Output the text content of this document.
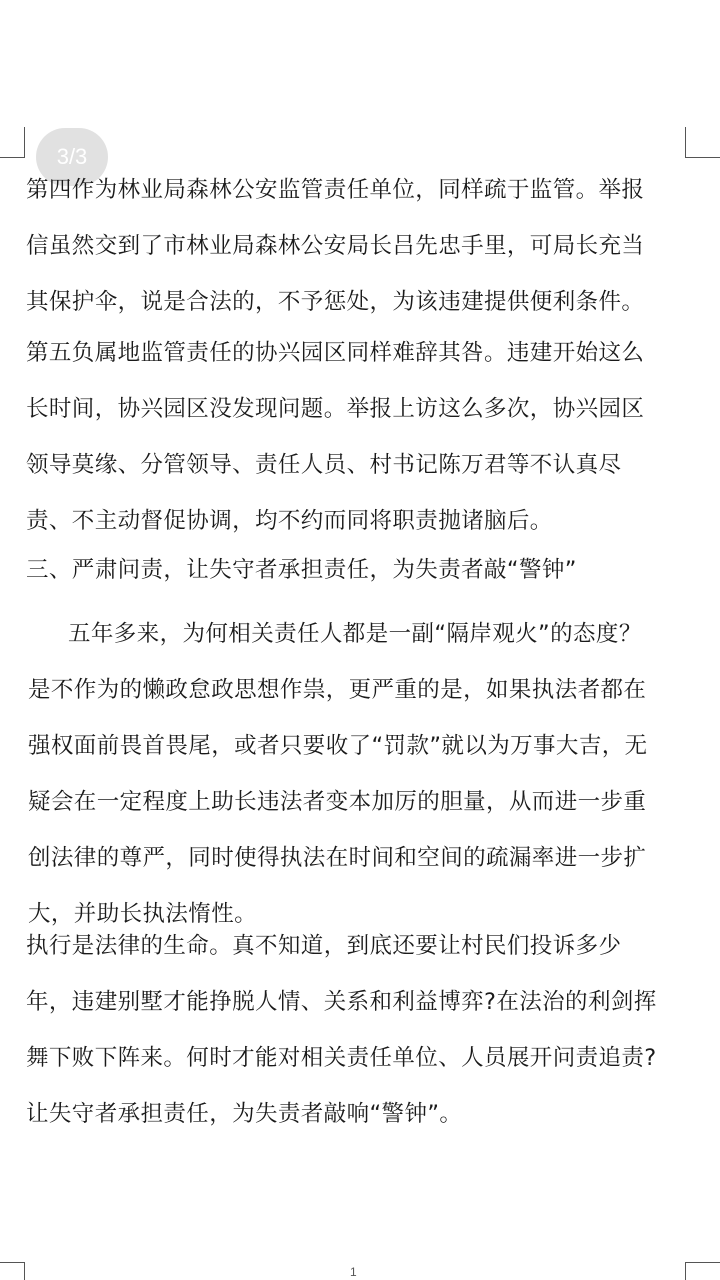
3/3

第四作为林业局森林公安监管责任单位，同样疏于监管。举报
信虽然交到了市林业局森林公安局长吕先忠手里，可局长充当
其保护伞，说是合法的，不予惩处，为该违建提供便利条件。

第五负属地监管责任的协兴园区同样难辞其咎。违建开始这么
长时间，协兴园区没发现问题。举报上访这么多次，协兴园区
领导莫缘、分管领导、责任人员、村书记陈万君等不认真尽
责、不主动督促协调，均不约而同将职责抛诸脑后。

三、严肃问责，让失守者承担责任，为失责者敲“警钟”

五年多来，为何相关责任人都是一副“隔岸观火”的态度？
是不作为的懒政怠政思想作祟，更严重的是，如果执法者都在
强权面前畏首畏尾，或者只要收了“罚款”就以为万事大吉，无
疑会在一定程度上助长违法者变本加厉的胆量，从而进一步重
创法律的尊严，同时使得执法在时间和空间的疏漏率进一步扩
大，并助长执法惰性。

执行是法律的生命。真不知道，到底还要让村民们投诉多少
年，违建别墅才能挣脱人情、关系和利益博弈?在法治的利剑挥
舞下败下阵来。何时才能对相关责任单位、人员展开问责追责?
让失守者承担责任，为失责者敲响“警钟”。

1
